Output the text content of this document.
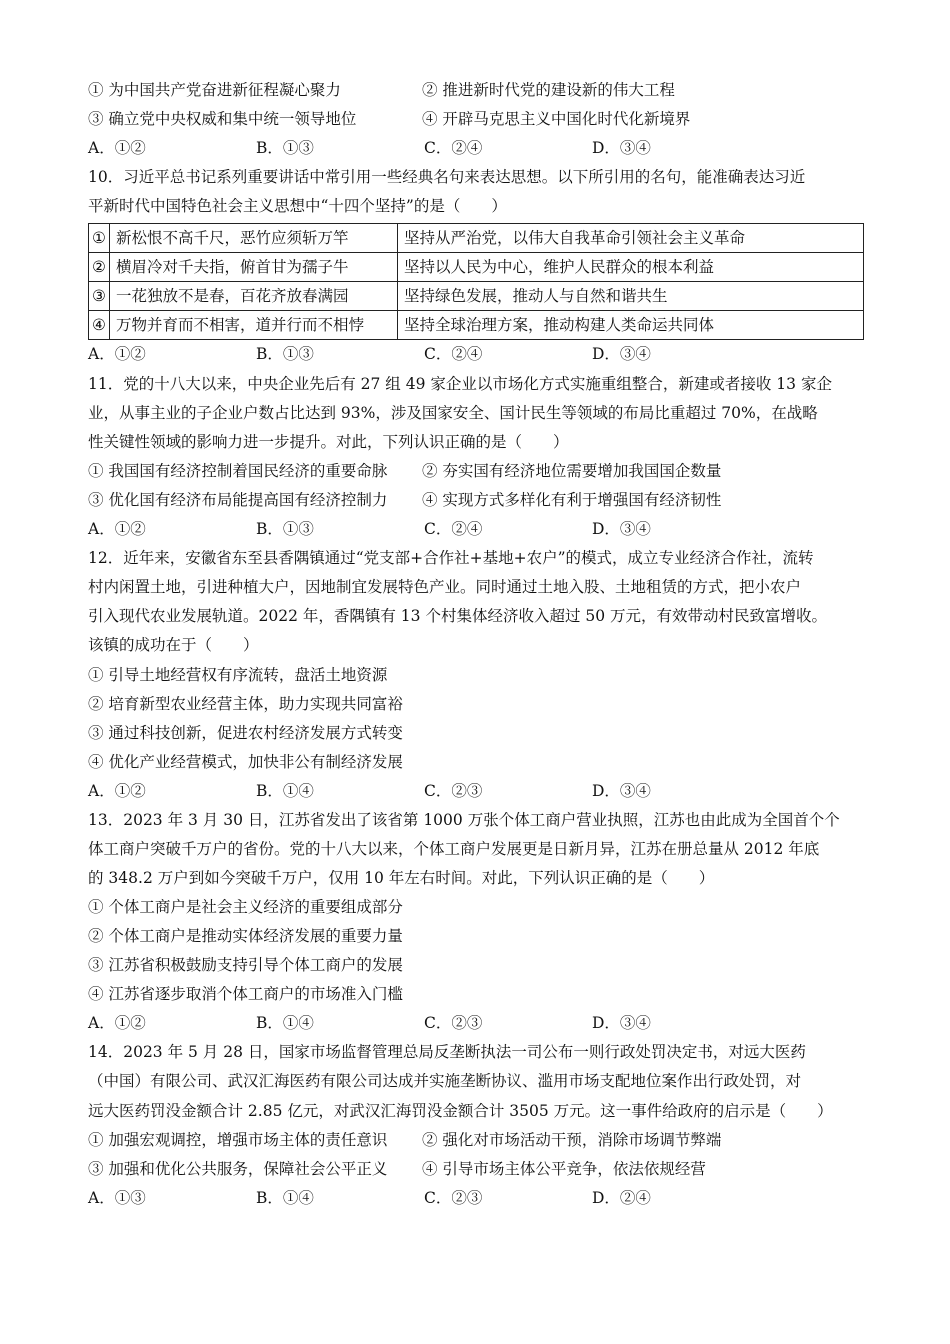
① 为中国共产党奋进新征程凝心聚力	② 推进新时代党的建设新的伟大工程
③ 确立党中央权威和集中统一领导地位	④ 开辟马克思主义中国化时代化新境界
A．①②	B．①③	C．②④	D．③④
10．习近平总书记系列重要讲话中常引用一些经典名句来表达思想。以下所引用的名句，能准确表达习近
平新时代中国特色社会主义思想中“十四个坚持”的是（　　）
①	新松恨不高千尺，恶竹应须斩万竿	坚持从严治党，以伟大自我革命引领社会主义革命
②	横眉冷对千夫指，俯首甘为孺子牛	坚持以人民为中心，维护人民群众的根本利益
③	一花独放不是春，百花齐放春满园	坚持绿色发展，推动人与自然和谐共生
④	万物并育而不相害，道并行而不相悖	坚持全球治理方案，推动构建人类命运共同体
A．①②	B．①③	C．②④	D．③④
11．党的十八大以来，中央企业先后有 27 组 49 家企业以市场化方式实施重组整合，新建或者接收 13 家企
业，从事主业的子企业户数占比达到 93%，涉及国家安全、国计民生等领域的布局比重超过 70%，在战略
性关键性领域的影响力进一步提升。对此，下列认识正确的是（　　）
① 我国国有经济控制着国民经济的重要命脉 ② 夯实国有经济地位需要增加我国国企数量
③ 优化国有经济布局能提高国有经济控制力 ④ 实现方式多样化有利于增强国有经济韧性
A．①②	B．①③	C．②④	D．③④
12．近年来，安徽省东至县香隅镇通过“党支部+合作社+基地+农户”的模式，成立专业经济合作社，流转
村内闲置土地，引进种植大户，因地制宜发展特色产业。同时通过土地入股、土地租赁的方式，把小农户
引入现代农业发展轨道。2022 年，香隅镇有 13 个村集体经济收入超过 50 万元，有效带动村民致富增收。
该镇的成功在于（　　）
① 引导土地经营权有序流转，盘活土地资源
② 培育新型农业经营主体，助力实现共同富裕
③ 通过科技创新，促进农村经济发展方式转变
④ 优化产业经营模式，加快非公有制经济发展
A．①②	B．①④	C．②③	D．③④
13．2023 年 3 月 30 日，江苏省发出了该省第 1000 万张个体工商户营业执照，江苏也由此成为全国首个个
体工商户突破千万户的省份。党的十八大以来，个体工商户发展更是日新月异，江苏在册总量从 2012 年底
的 348.2 万户到如今突破千万户，仅用 10 年左右时间。对此，下列认识正确的是（　　）
① 个体工商户是社会主义经济的重要组成部分
② 个体工商户是推动实体经济发展的重要力量
③ 江苏省积极鼓励支持引导个体工商户的发展
④ 江苏省逐步取消个体工商户的市场准入门槛
A．①②	B．①④	C．②③	D．③④
14．2023 年 5 月 28 日，国家市场监督管理总局反垄断执法一司公布一则行政处罚决定书，对远大医药
（中国）有限公司、武汉汇海医药有限公司达成并实施垄断协议、滥用市场支配地位案作出行政处罚，对
远大医药罚没金额合计 2.85 亿元，对武汉汇海罚没金额合计 3505 万元。这一事件给政府的启示是（　　）
① 加强宏观调控，增强市场主体的责任意识 ② 强化对市场活动干预，消除市场调节弊端
③ 加强和优化公共服务，保障社会公平正义 ④ 引导市场主体公平竞争，依法依规经营
A．①③	B．①④	C．②③	D．②④
